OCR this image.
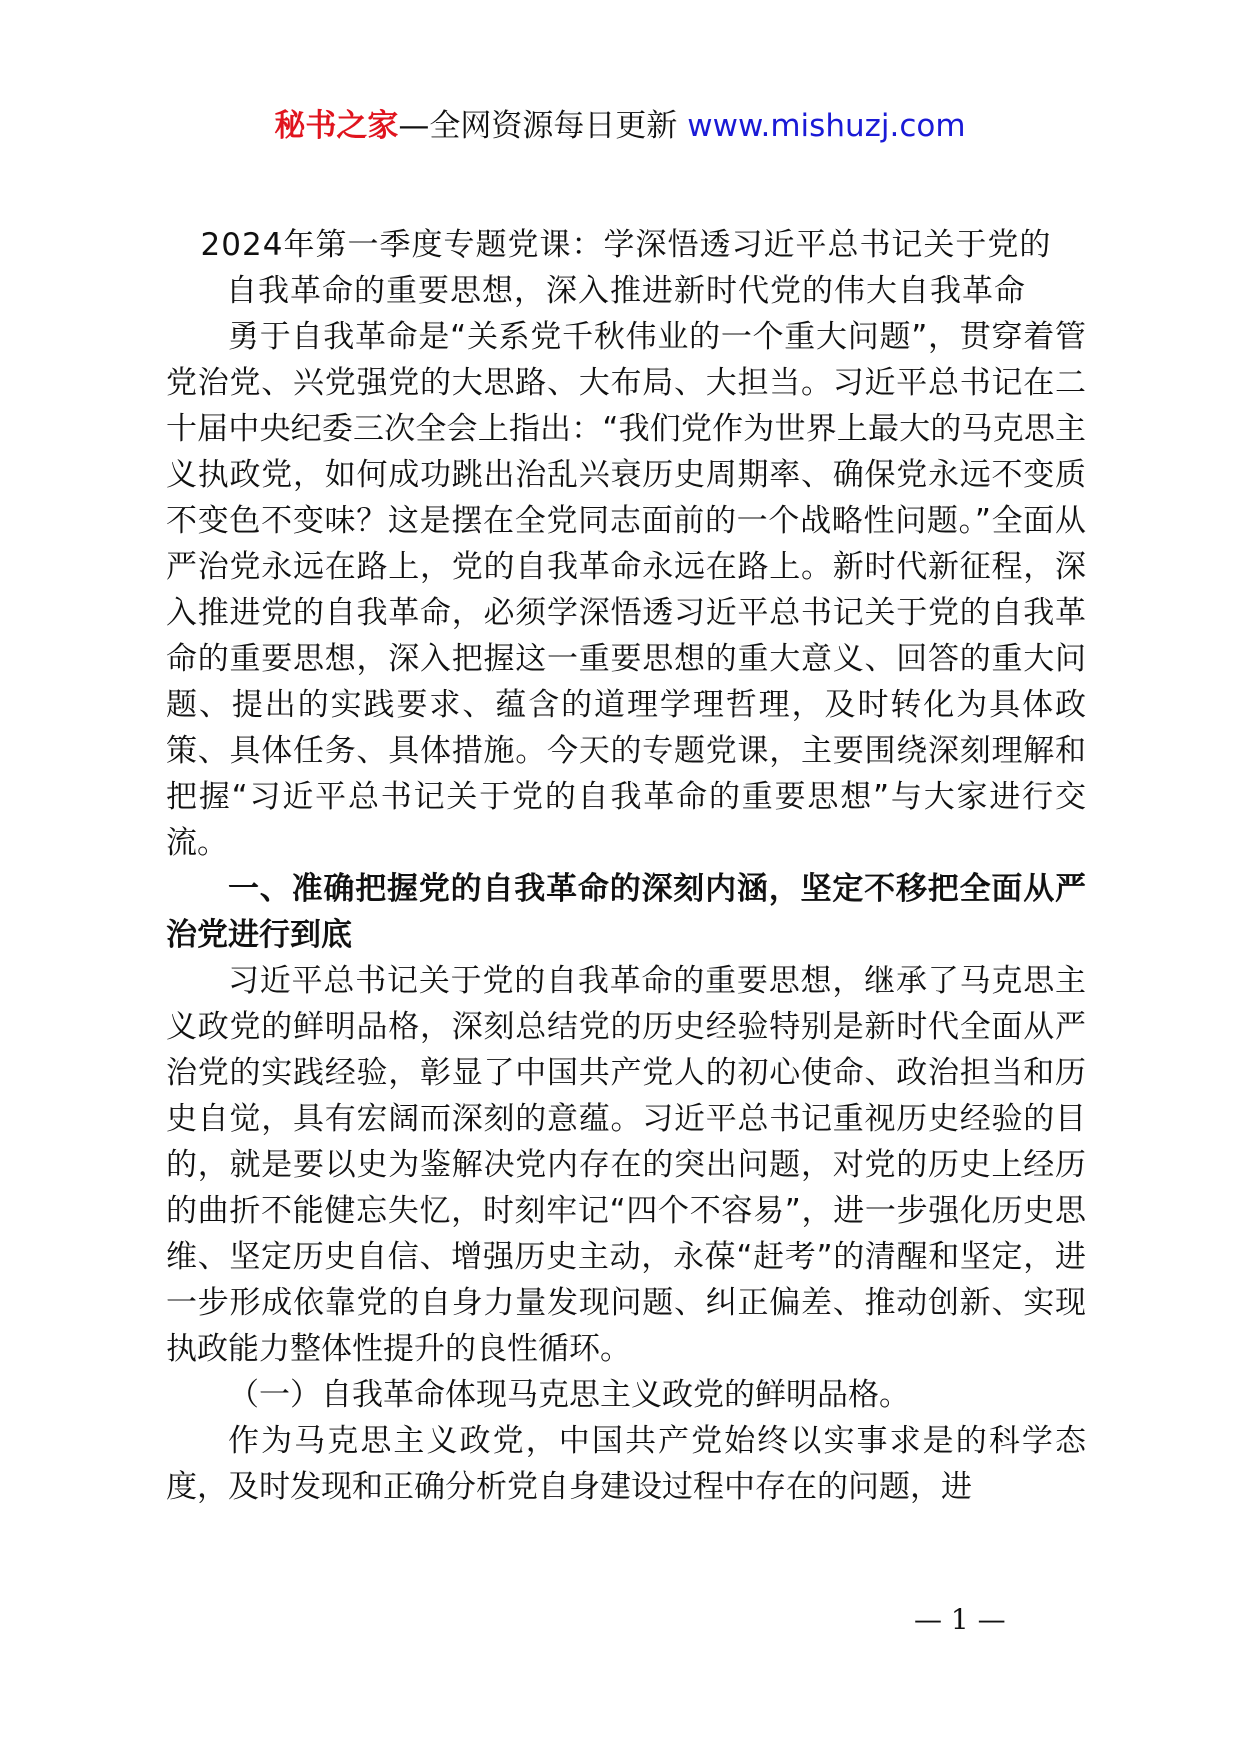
秘书之家—全网资源每日更新 www.mishuzj.com
2024年第一季度专题党课：学深悟透习近平总书记关于党的
自我革命的重要思想，深入推进新时代党的伟大自我革命

勇于自我革命是“关系党千秋伟业的一个重大问题”，贯穿着管党治党、兴党强党的大思路、大布局、大担当。习近平总书记在二十届中央纪委三次全会上指出：“我们党作为世界上最大的马克思主义执政党，如何成功跳出治乱兴衰历史周期率、确保党永远不变质不变色不变味？这是摆在全党同志面前的一个战略性问题。”全面从严治党永远在路上，党的自我革命永远在路上。新时代新征程，深入推进党的自我革命，必须学深悟透习近平总书记关于党的自我革命的重要思想，深入把握这一重要思想的重大意义、回答的重大问题、提出的实践要求、蕴含的道理学理哲理，及时转化为具体政策、具体任务、具体措施。今天的专题党课，主要围绕深刻理解和把握“习近平总书记关于党的自我革命的重要思想”与大家进行交流。

一、准确把握党的自我革命的深刻内涵，坚定不移把全面从严治党进行到底

习近平总书记关于党的自我革命的重要思想，继承了马克思主义政党的鲜明品格，深刻总结党的历史经验特别是新时代全面从严治党的实践经验，彰显了中国共产党人的初心使命、政治担当和历史自觉，具有宏阔而深刻的意蕴。习近平总书记重视历史经验的目的，就是要以史为鉴解决党内存在的突出问题，对党的历史上经历的曲折不能健忘失忆，时刻牢记“四个不容易”，进一步强化历史思维、坚定历史自信、增强历史主动，永葆“赶考”的清醒和坚定，进一步形成依靠党的自身力量发现问题、纠正偏差、推动创新、实现执政能力整体性提升的良性循环。

（一）自我革命体现马克思主义政党的鲜明品格。

作为马克思主义政党，中国共产党始终以实事求是的科学态度，及时发现和正确分析党自身建设过程中存在的问题，进

— 1 —
